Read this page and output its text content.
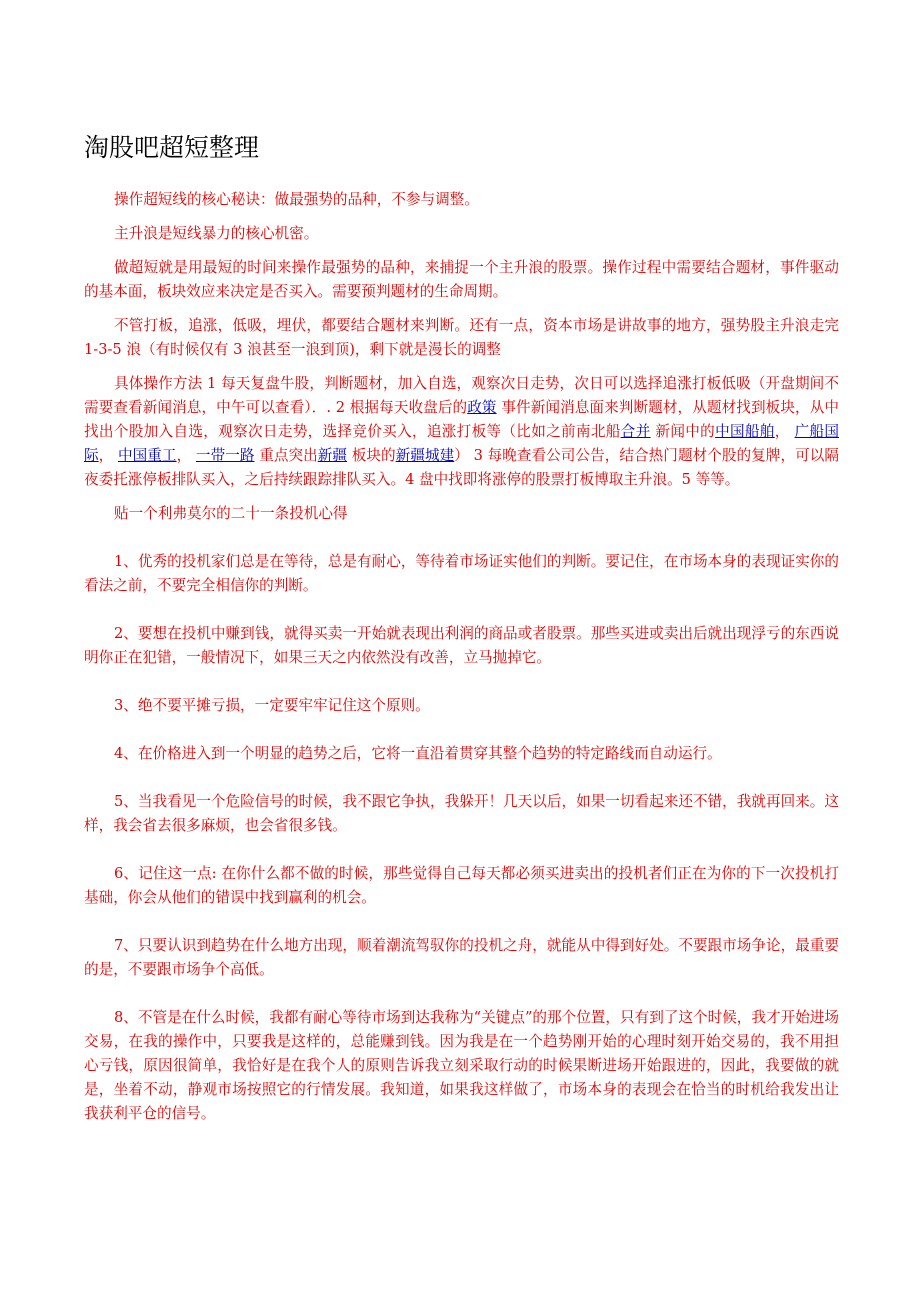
淘股吧超短整理

操作超短线的核心秘诀：做最强势的品种，不参与调整。

主升浪是短线暴力的核心机密。

做超短就是用最短的时间来操作最强势的品种，来捕捉一个主升浪的股票。操作过程中需要结合题材，事件驱动的基本面，板块效应来决定是否买入。需要预判题材的生命周期。

不管打板，追涨，低吸，埋伏，都要结合题材来判断。还有一点，资本市场是讲故事的地方，强势股主升浪走完 1-3-5 浪（有时候仅有 3 浪甚至一浪到顶)，剩下就是漫长的调整

具体操作方法 1 每天复盘牛股，判断题材，加入自选，观察次日走势，次日可以选择追涨打板低吸（开盘期间不需要查看新闻消息，中午可以查看）．. 2 根据每天收盘后的政策 事件新闻消息面来判断题材，从题材找到板块，从中找出个股加入自选，观察次日走势，选择竞价买入，追涨打板等（比如之前南北船合并 新闻中的中国船舶， 广船国际， 中国重工， 一带一路 重点突出新疆 板块的新疆城建） 3 每晚查看公司公告，结合热门题材个股的复牌，可以隔夜委托涨停板排队买入，之后持续跟踪排队买入。4 盘中找即将涨停的股票打板博取主升浪。5 等等。

贴一个利弗莫尔的二十一条投机心得

1、优秀的投机家们总是在等待，总是有耐心，等待着市场证实他们的判断。要记住，在市场本身的表现证实你的看法之前，不要完全相信你的判断。

2、要想在投机中赚到钱，就得买卖一开始就表现出利润的商品或者股票。那些买进或卖出后就出现浮亏的东西说明你正在犯错，一般情况下，如果三天之内依然没有改善，立马抛掉它。

3、绝不要平摊亏损，一定要牢牢记住这个原则。

4、在价格进入到一个明显的趋势之后，它将一直沿着贯穿其整个趋势的特定路线而自动运行。

5、当我看见一个危险信号的时候，我不跟它争执，我躲开！几天以后，如果一切看起来还不错，我就再回来。这样，我会省去很多麻烦，也会省很多钱。

6、记住这一点: 在你什么都不做的时候，那些觉得自己每天都必须买进卖出的投机者们正在为你的下一次投机打基础，你会从他们的错误中找到赢利的机会。

7、只要认识到趋势在什么地方出现，顺着潮流驾驭你的投机之舟，就能从中得到好处。不要跟市场争论，最重要的是，不要跟市场争个高低。

8、不管是在什么时候，我都有耐心等待市场到达我称为“关键点”的那个位置，只有到了这个时候，我才开始进场交易，在我的操作中，只要我是这样的，总能赚到钱。因为我是在一个趋势刚开始的心理时刻开始交易的，我不用担心亏钱，原因很简单，我恰好是在我个人的原则告诉我立刻采取行动的时候果断进场开始跟进的，因此，我要做的就是，坐着不动，静观市场按照它的行情发展。我知道，如果我这样做了，市场本身的表现会在恰当的时机给我发出让我获利平仓的信号。
